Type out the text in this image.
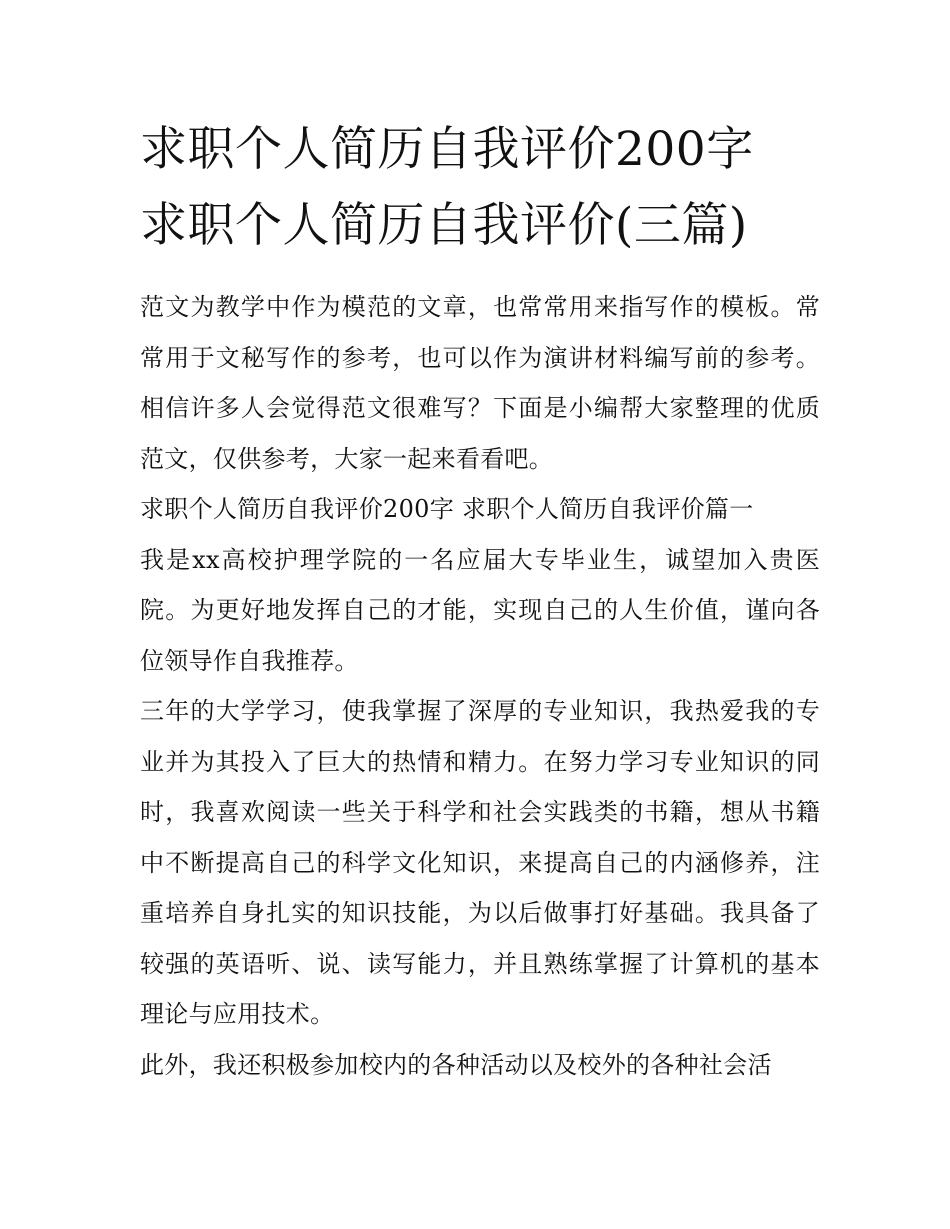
求职个人简历自我评价200字
求职个人简历自我评价(三篇)

范文为教学中作为模范的文章，也常常用来指写作的模板。常常用于文秘写作的参考，也可以作为演讲材料编写前的参考。相信许多人会觉得范文很难写？下面是小编帮大家整理的优质范文，仅供参考，大家一起来看看吧。

求职个人简历自我评价200字 求职个人简历自我评价篇一

我是xx高校护理学院的一名应届大专毕业生，诚望加入贵医院。为更好地发挥自己的才能，实现自己的人生价值，谨向各位领导作自我推荐。

三年的大学学习，使我掌握了深厚的专业知识，我热爱我的专业并为其投入了巨大的热情和精力。在努力学习专业知识的同时，我喜欢阅读一些关于科学和社会实践类的书籍，想从书籍中不断提高自己的科学文化知识，来提高自己的内涵修养，注重培养自身扎实的知识技能，为以后做事打好基础。我具备了较强的英语听、说、读写能力，并且熟练掌握了计算机的基本理论与应用技术。

此外，我还积极参加校内的各种活动以及校外的各种社会活
